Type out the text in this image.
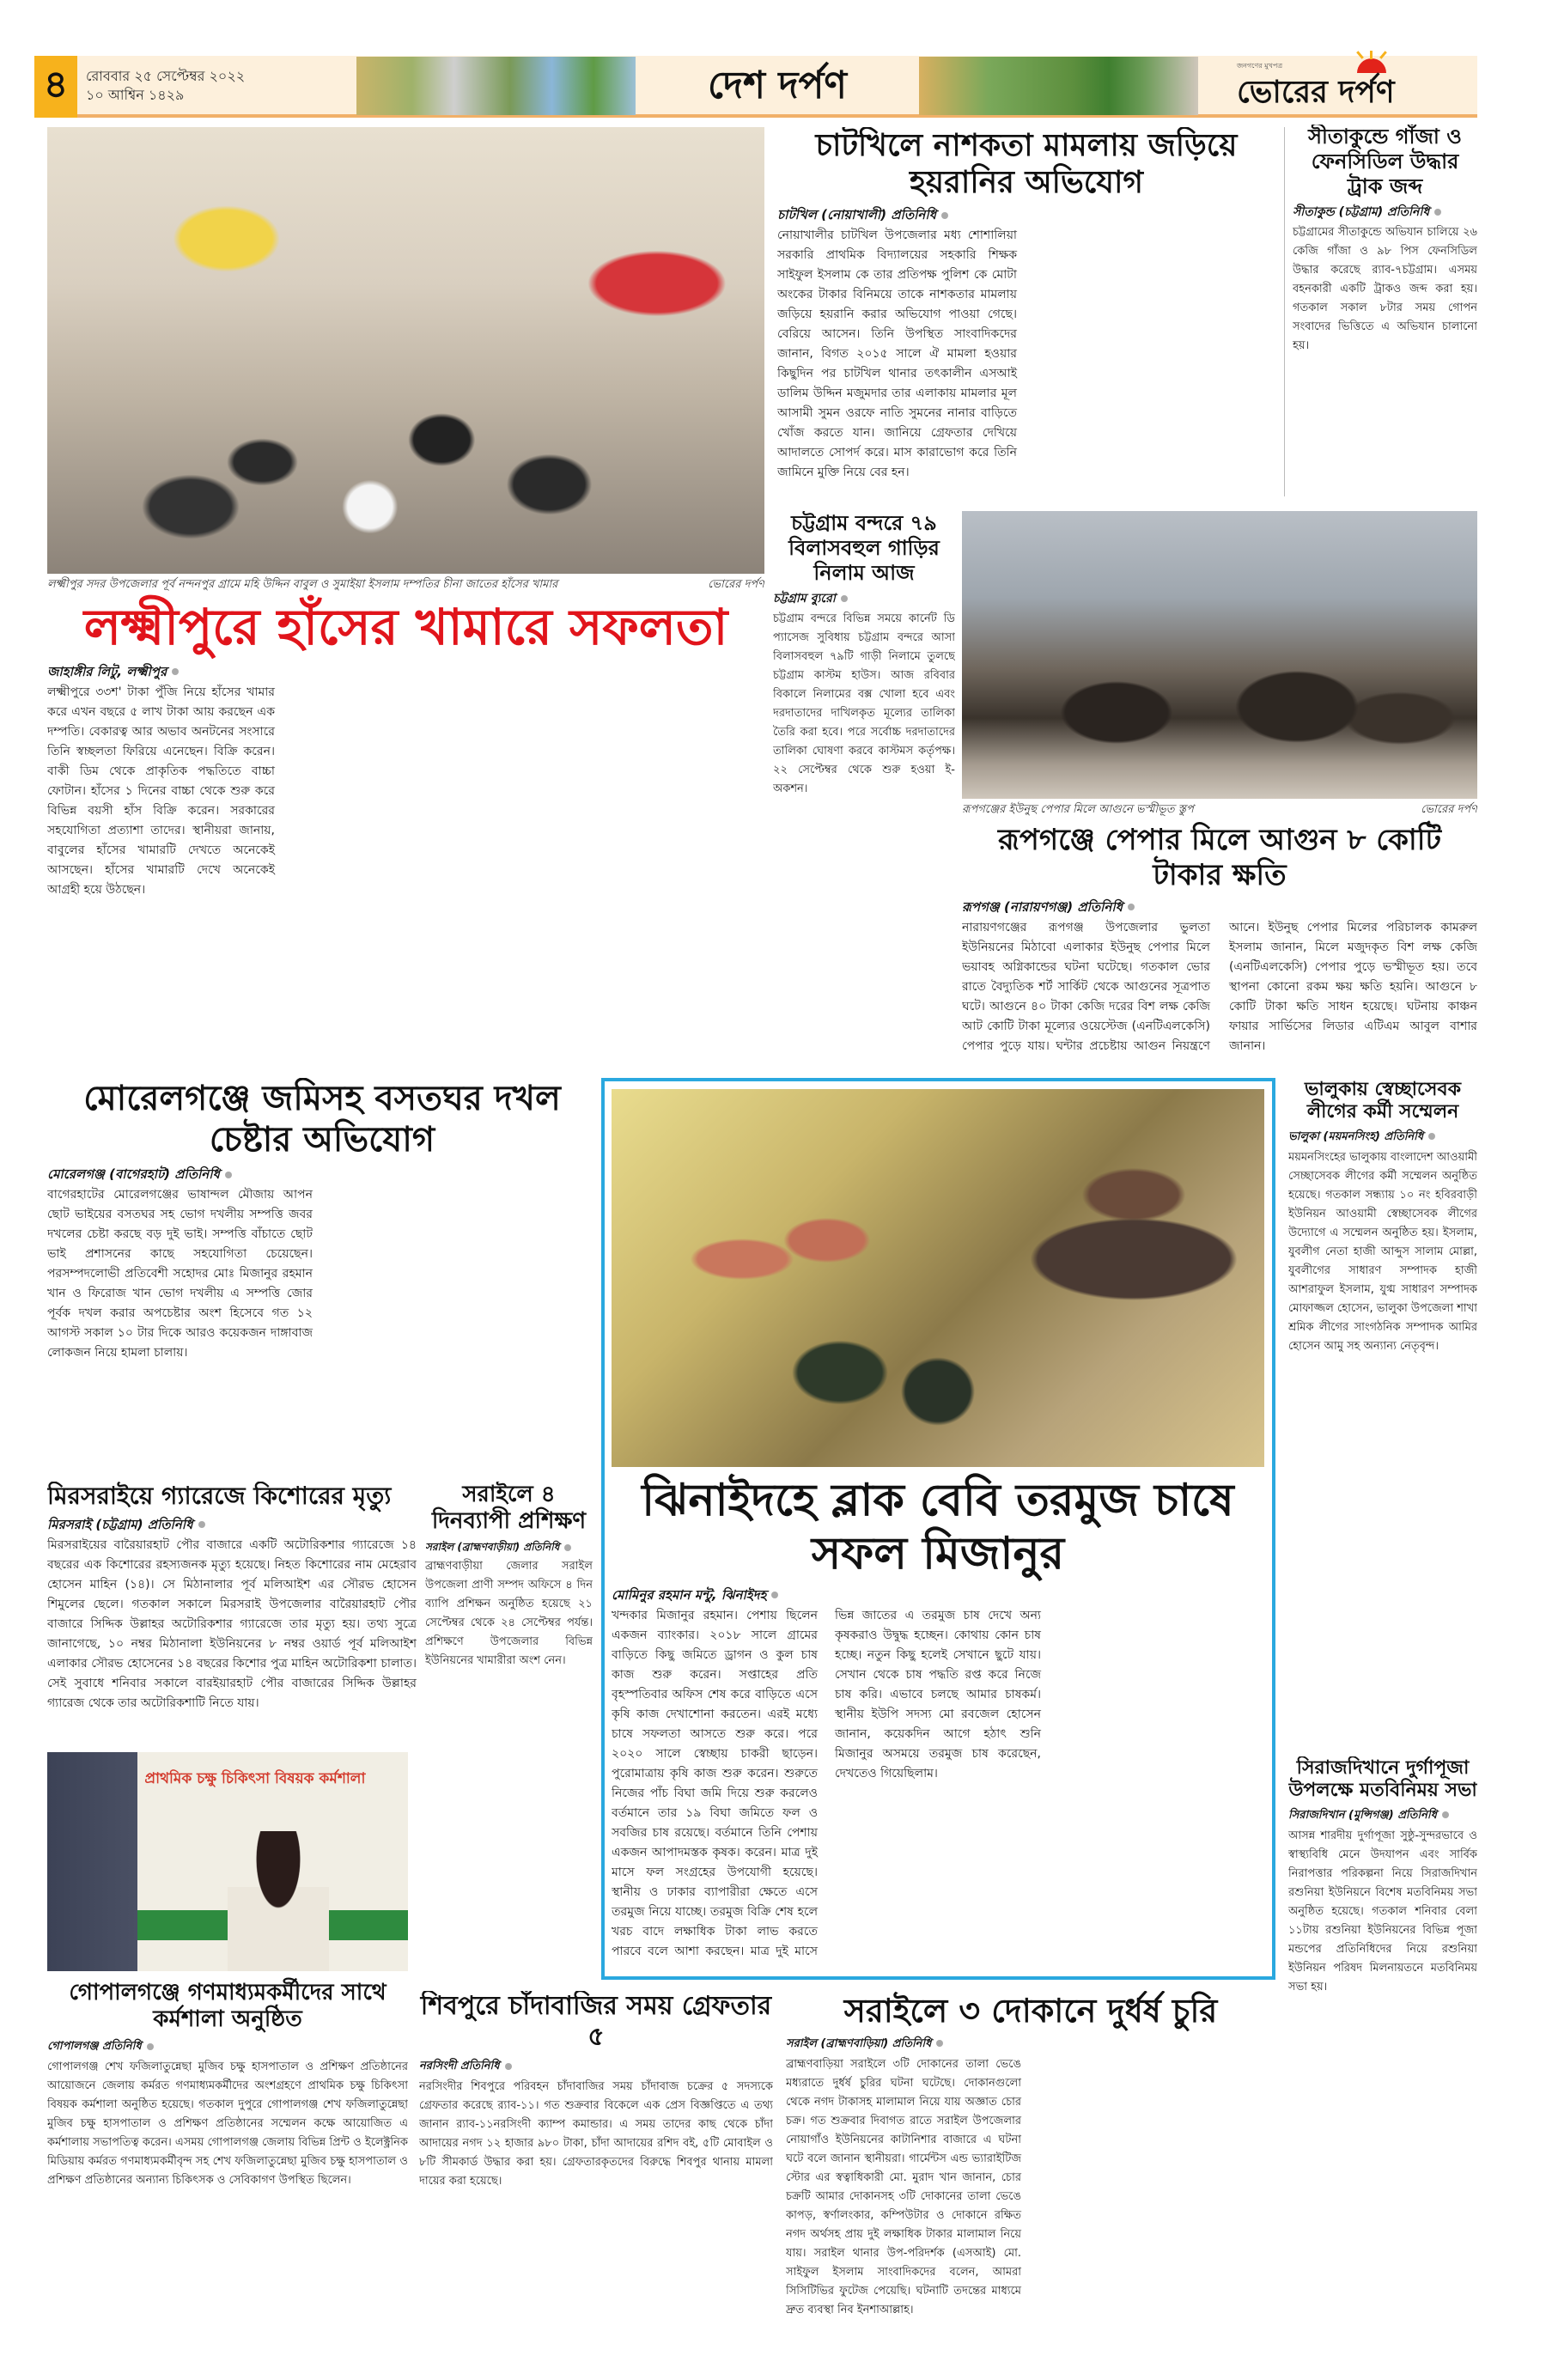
৪	রোববার ২৫ সেপ্টেম্বর ২০২২
১০ আশ্বিন ১৪২৯	দেশ দর্পণ	জনগণের মুখপত্র
ভোরের দর্পণ
লক্ষ্মীপুর সদর উপজেলার পূর্ব নন্দনপুর গ্রামে মহি উদ্দিন বাবুল ও সুমাইয়া ইসলাম দম্পতির চীনা জাতের হাঁসের খামার	ভোরের দর্পণ
লক্ষ্মীপুরে হাঁসের খামারে সফলতা
জাহাঙ্গীর লিটু, লক্ষ্মীপুর
লক্ষ্মীপুরে ৩৩শ' টাকা পুঁজি নিয়ে হাঁসের খামার করে এখন বছরে ৫ লাখ টাকা আয় করছেন এক দম্পতি। বেকারত্ব আর অভাব অনটনের সংসারে তিনি স্বচ্ছলতা ফিরিয়ে এনেছেন। বিক্রি করেন। বাকী ডিম থেকে প্রাকৃতিক পদ্ধতিতে বাচ্চা ফোটান। হাঁসের ১ দিনের বাচ্চা থেকে শুরু করে বিভিন্ন বয়সী হাঁস বিক্রি করেন। সরকারের সহযোগিতা প্রত্যাশা তাদের। স্থানীয়রা জানায়, বাবুলের হাঁসের খামারটি দেখতে অনেকেই আসছেন। হাঁসের খামারটি দেখে অনেকেই আগ্রহী হয়ে উঠছেন।
চাটখিলে নাশকতা মামলায় জড়িয়ে হয়রানির অভিযোগ
চাটখিল (নোয়াখালী) প্রতিনিধি
নোয়াখালীর চাটখিল উপজেলার মধ্য শোশালিয়া সরকারি প্রাথমিক বিদ্যালয়ের সহকারি শিক্ষক সাইফুল ইসলাম কে তার প্রতিপক্ষ পুলিশ কে মোটা অংকের টাকার বিনিময়ে তাকে নাশকতার মামলায় জড়িয়ে হয়রানি করার অভিযোগ পাওয়া গেছে। বেরিয়ে আসেন। তিনি উপস্থিত সাংবাদিকদের জানান, বিগত ২০১৫ সালে ঐ মামলা হওয়ার কিছুদিন পর চাটখিল থানার তৎকালীন এসআই ডালিম উদ্দিন মজুমদার তার এলাকায় মামলার মূল আসামী সুমন ওরফে নাতি সুমনের নানার বাড়িতে খোঁজ করতে যান। জানিয়ে গ্রেফতার দেখিয়ে আদালতে সোপর্দ করে। মাস কারাভোগ করে তিনি জামিনে মুক্তি নিয়ে বের হন।
সীতাকুন্ডে গাঁজা ও ফেনসিডিল উদ্ধার ট্রাক জব্দ
সীতাকুন্ড (চট্টগ্রাম) প্রতিনিধি
চট্টগ্রামের সীতাকুন্ডে অভিযান চালিয়ে ২৬ কেজি গাঁজা ও ৯৮ পিস ফেনসিডিল উদ্ধার করেছে র‍্যাব-৭চট্টগ্রাম। এসময় বহনকারী একটি ট্রাকও জব্দ করা হয়। গতকাল সকাল ৮টার সময় গোপন সংবাদের ভিত্তিতে এ অভিযান চালানো হয়।
চট্টগ্রাম বন্দরে ৭৯ বিলাসবহুল গাড়ির নিলাম আজ
চট্টগ্রাম ব্যুরো
চট্টগ্রাম বন্দরে বিভিন্ন সময়ে কার্নেট ডি প্যাসেজ সুবিধায় চট্টগ্রাম বন্দরে আসা বিলাসবহুল ৭৯টি গাড়ী নিলামে তুলছে চট্টগ্রাম কাস্টম হাউস। আজ রবিবার বিকালে নিলামের বক্স খোলা হবে এবং দরদাতাদের দাখিলকৃত মূল্যের তালিকা তৈরি করা হবে। পরে সর্বোচ্চ দরদাতাদের তালিকা ঘোষণা করবে কাস্টমস কর্তৃপক্ষ। ২২ সেপ্টেম্বর থেকে শুরু হওয়া ই-অকশন।
রূপগঞ্জের ইউনুছ পেপার মিলে আগুনে ভস্মীভূত স্তুপ	ভোরের দর্পণ
রূপগঞ্জে পেপার মিলে আগুন ৮ কোটি টাকার ক্ষতি
রূপগঞ্জ (নারায়ণগঞ্জ) প্রতিনিধি
নারায়ণগঞ্জের রূপগঞ্জ উপজেলার ভুলতা ইউনিয়নের মিঠাবো এলাকার ইউনুছ পেপার মিলে ভয়াবহ অগ্নিকান্ডের ঘটনা ঘটেছে। গতকাল ভোর রাতে বৈদ্যুতিক শর্ট সার্কিট থেকে আগুনের সূত্রপাত ঘটে। আগুনে ৪০ টাকা কেজি দরের বিশ লক্ষ কেজি আট কোটি টাকা মূল্যের ওয়েস্টেজ (এনটিএলকেসি) পেপার পুড়ে যায়। ঘন্টার প্রচেষ্টায় আগুন নিয়ন্ত্রণে আনে। ইউনুছ পেপার মিলের পরিচালক কামরুল ইসলাম জানান, মিলে মজুদকৃত বিশ লক্ষ কেজি (এনটিএলকেসি) পেপার পুড়ে ভস্মীভূত হয়। তবে স্থাপনা কোনো রকম ক্ষয় ক্ষতি হয়নি। আগুনে ৮ কোটি টাকা ক্ষতি সাধন হয়েছে। ঘটনায় কাঞ্চন ফায়ার সার্ভিসের লিডার এটিএম আবুল বাশার জানান।
মোরেলগঞ্জে জমিসহ বসতঘর দখল চেষ্টার অভিযোগ
মোরেলগঞ্জ (বাগেরহাট) প্রতিনিধি
বাগেরহাটের মোরেলগঞ্জের ভাষান্দল মৌজায় আপন ছোট ভাইয়ের বসতঘর সহ ভোগ দখলীয় সম্পত্তি জবর দখলের চেষ্টা করছে বড় দুই ভাই। সম্পত্তি বাঁচাতে ছোট ভাই প্রশাসনের কাছে সহযোগিতা চেয়েছেন। পরসম্পদলোভী প্রতিবেশী সহোদর মোঃ মিজানুর রহমান খান ও ফিরোজ খান ভোগ দখলীয় এ সম্পত্তি জোর পূর্বক দখল করার অপচেষ্টার অংশ হিসেবে গত ১২ আগস্ট সকাল ১০ টার দিকে আরও কয়েকজন দাঙ্গাবাজ লোকজন নিয়ে হামলা চালায়।
ঝিনাইদহে ব্লাক বেবি তরমুজ চাষে সফল মিজানুর
মোমিনুর রহমান মন্টু, ঝিনাইদহ
খন্দকার মিজানুর রহমান। পেশায় ছিলেন একজন ব্যাংকার। ২০১৮ সালে গ্রামের বাড়িতে কিছু জমিতে ড্রাগন ও কুল চাষ কাজ শুরু করেন। সপ্তাহের প্রতি বৃহস্পতিবার অফিস শেষ করে বাড়িতে এসে কৃষি কাজ দেখাশোনা করতেন। এরই মধ্যে চাষে সফলতা আসতে শুরু করে। পরে ২০২০ সালে স্বেচ্ছায় চাকরী ছাড়েন। পুরোমাত্রায় কৃষি কাজ শুরু করেন। শুরুতে নিজের পাঁচ বিঘা জমি দিয়ে শুরু করলেও বর্তমানে তার ১৯ বিঘা জমিতে ফল ও সবজির চাষ রয়েছে। বর্তমানে তিনি পেশায় একজন আপাদমস্তক কৃষক। করেন। মাত্র দুই মাসে ফল সংগ্রহের উপযোগী হয়েছে। স্থানীয় ও ঢাকার ব্যাপারীরা ক্ষেতে এসে তরমুজ নিয়ে যাচ্ছে। তরমুজ বিক্রি শেষ হলে খরচ বাদে লক্ষাধিক টাকা লাভ করতে পারবে বলে আশা করছেন। মাত্র দুই মাসে ভিন্ন জাতের এ তরমুজ চাষ দেখে অন্য কৃষকরাও উদ্বুদ্ধ হচ্ছেন। কোথায় কোন চাষ হচ্ছে। নতুন কিছু হলেই সেখানে ছুটে যায়। সেখান থেকে চাষ পদ্ধতি রপ্ত করে নিজে চাষ করি। এভাবে চলছে আমার চাষকর্ম। স্থানীয় ইউপি সদস্য মো রবজেল হোসেন জানান, কয়েকদিন আগে হঠাৎ শুনি মিজানুর অসময়ে তরমুজ চাষ করেছেন, দেখতেও গিয়েছিলাম।
ভালুকায় স্বেচ্ছাসেবক লীগের কর্মী সম্মেলন
ভালুকা (ময়মনসিংহ) প্রতিনিধি
ময়মনসিংহের ভালুকায় বাংলাদেশ আওয়ামী সেচ্ছাসেবক লীগের কর্মী সম্মেলন অনুষ্ঠিত হয়েছে। গতকাল সন্ধ্যায় ১০ নং হবিরবাড়ী ইউনিয়ন আওয়ামী স্বেচ্ছাসেবক লীগের উদ্যোগে এ সম্মেলন অনুষ্ঠিত হয়। ইসলাম, যুবলীগ নেতা হাজী আব্দুস সালাম মোল্লা, যুবলীগের সাধারণ সম্পাদক হাজী আশরাফুল ইসলাম, যুগ্ম সাধারণ সম্পাদক মোফাজ্জল হোসেন, ভালুকা উপজেলা শাখা শ্রমিক লীগের সাংগঠনিক সম্পাদক আমির হোসেন আমু সহ অন্যান্য নেতৃবৃন্দ।
সিরাজদিখানে দুর্গাপূজা উপলক্ষে মতবিনিময় সভা
সিরাজদিখান (মুন্সিগঞ্জ) প্রতিনিধি
আসন্ন শারদীয় দুর্গাপূজা সুষ্ঠু-সুন্দরভাবে ও স্বাস্থ্যবিধি মেনে উদযাপন এবং সার্বিক নিরাপত্তার পরিকল্পনা নিয়ে সিরাজদিখান রশুনিয়া ইউনিয়নে বিশেষ মতবিনিময় সভা অনুষ্ঠিত হয়েছে। গতকাল শনিবার বেলা ১১টায় রশুনিয়া ইউনিয়নের বিভিন্ন পূজা মন্ডপের প্রতিনিধিদের নিয়ে রশুনিয়া ইউনিয়ন পরিষদ মিলনায়তনে মতবিনিময় সভা হয়।
মিরসরাইয়ে গ্যারেজে কিশোরের মৃত্যু
মিরসরাই (চট্টগ্রাম) প্রতিনিধি
মিরসরাইয়ের বারৈয়ারহাট পৌর বাজারে একটি অটোরিকশার গ্যারেজে ১৪ বছরের এক কিশোরের রহস্যজনক মৃত্যু হয়েছে। নিহত কিশোরের নাম মেহেরাব হোসেন মাহিন (১৪)। সে মিঠানালার পূর্ব মলিআইশ এর সৌরভ হোসেন শিমুলের ছেলে। গতকাল সকালে মিরসরাই উপজেলার বারৈয়ারহাট পৌর বাজারে সিদ্দিক উল্লাহর অটোরিকশার গ্যারেজে তার মৃত্যু হয়। তথ্য সুত্রে জানাগেছে, ১০ নম্বর মিঠানালা ইউনিয়নের ৮ নম্বর ওয়ার্ড পূর্ব মলিআইশ এলাকার সৌরভ হোসেনের ১৪ বছরের কিশোর পুত্র মাহিন অটোরিকশা চালাত। সেই সুবাধে শনিবার সকালে বারইয়ারহাট পৌর বাজারের সিদ্দিক উল্লাহর গ্যারেজ থেকে তার অটোরিকশাটি নিতে যায়।
সরাইলে ৪ দিনব্যাপী প্রশিক্ষণ
সরাইল (ব্রাহ্মণবাড়ীয়া) প্রতিনিধি
ব্রাহ্মণবাড়ীয়া জেলার সরাইল উপজেলা প্রাণী সম্পদ অফিসে ৪ দিন ব্যাপি প্রশিক্ষন অনুষ্ঠিত হয়েছে ২১ সেপ্টেম্বর থেকে ২৪ সেপ্টেম্বর পর্যন্ত। প্রশিক্ষণে উপজেলার বিভিন্ন ইউনিয়নের খামারীরা অংশ নেন।
প্রাথমিক চক্ষু চিকিৎসা বিষয়ক কর্মশালা
গোপালগঞ্জে গণমাধ্যমকর্মীদের সাথে কর্মশালা অনুষ্ঠিত
গোপালগঞ্জ প্রতিনিধি
গোপালগঞ্জ শেখ ফজিলাতুন্নেছা মুজিব চক্ষু হাসপাতাল ও প্রশিক্ষণ প্রতিষ্ঠানের আয়োজনে জেলায় কর্মরত গণমাধ্যমকর্মীদের অংশগ্রহণে প্রাথমিক চক্ষু চিকিৎসা বিষয়ক কর্মশালা অনুষ্ঠিত হয়েছে। গতকাল দুপুরে গোপালগঞ্জ শেখ ফজিলাতুন্নেছা মুজিব চক্ষু হাসপাতাল ও প্রশিক্ষণ প্রতিষ্ঠানের সম্মেলন কক্ষে আয়োজিত এ কর্মশালায় সভাপতিত্ব করেন। এসময় গোপালগঞ্জ জেলায় বিভিন্ন প্রিন্ট ও ইলেক্ট্রনিক মিডিয়ায় কর্মরত গণমাধ্যমকর্মীবৃন্দ সহ শেখ ফজিলাতুন্নেছা মুজিব চক্ষু হাসপাতাল ও প্রশিক্ষণ প্রতিষ্ঠানের অন্যান্য চিকিৎসক ও সেবিকাগণ উপস্থিত ছিলেন।
শিবপুরে চাঁদাবাজির সময় গ্রেফতার ৫
নরসিংদী প্রতিনিধি
নরসিংদীর শিবপুরে পরিবহন চাঁদাবাজির সময় চাঁদাবাজ চক্রের ৫ সদস্যকে গ্রেফতার করেছে র‍্যাব-১১। গত শুক্রবার বিকেলে এক প্রেস বিজ্ঞপ্তিতে এ তথ্য জানান র‍্যাব-১১নরসিংদী ক্যাম্প কমান্ডার। এ সময় তাদের কাছ থেকে চাঁদা আদায়ের নগদ ১২ হাজার ৯৮০ টাকা, চাঁদা আদায়ের রশিদ বই, ৫টি মোবাইল ও ৮টি সীমকার্ড উদ্ধার করা হয়। গ্রেফতারকৃতদের বিরুদ্ধে শিবপুর থানায় মামলা দায়ের করা হয়েছে।
সরাইলে ৩ দোকানে দুর্ধর্ষ চুরি
সরাইল (ব্রাহ্মণবাড়িয়া) প্রতিনিধি
ব্রাহ্মণবাড়িয়া সরাইলে ৩টি দোকানের তালা ভেঙে মধ্যরাতে দুর্ধর্ষ চুরির ঘটনা ঘটেছে। দোকানগুলো থেকে নগদ টাকাসহ মালামাল নিয়ে যায় অজ্ঞাত চোর চক্র। গত শুক্রবার দিবাগত রাতে সরাইল উপজেলার নোয়াগাঁও ইউনিয়নের কাটানিশার বাজারে এ ঘটনা ঘটে বলে জানান স্থানীয়রা। গার্মেন্টস এন্ড ভ্যারাইটিজ স্টোর এর স্বত্বাধিকারী মো. মুরাদ খান জানান, চোর চক্রটি আমার দোকানসহ ৩টি দোকানের তালা ভেঙে কাপড়, স্বর্ণালংকার, কম্পিউটার ও দোকানে রক্ষিত নগদ অর্থসহ প্রায় দুই লক্ষাধিক টাকার মালামাল নিয়ে যায়। সরাইল থানার উপ-পরিদর্শক (এসআই) মো. সাইফুল ইসলাম সাংবাদিকদের বলেন, আমরা সিসিটিভির ফুটেজ পেয়েছি। ঘটনাটি তদন্তের মাধ্যমে দ্রুত ব্যবস্থা নিব ইনশাআল্লাহ।
